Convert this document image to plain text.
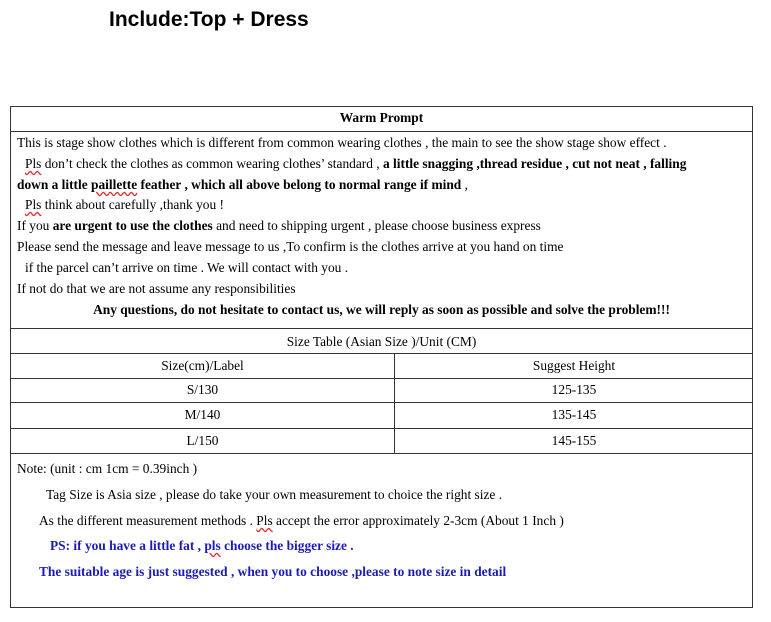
Include:Top + Dress
Warm Prompt
This is stage show clothes which is different from common wearing clothes , the main to see the show stage show effect .
Pls don’t check the clothes as common wearing clothes’ standard , a little snagging ,thread residue , cut not neat , falling
down a little paillette feather , which all above belong to normal range if mind ,
Pls think about carefully ,thank you !
If you are urgent to use the clothes and need to shipping urgent , please choose business express
Please send the message and leave message to us ,To confirm is the clothes arrive at you hand on time
if the parcel can’t arrive on time . We will contact with you .
If not do that we are not assume any responsibilities
Any questions, do not hesitate to contact us, we will reply as soon as possible and solve the problem!!!
Size Table (Asian Size )/Unit (CM)
Size(cm)/Label	Suggest Height
S/130	125-135
M/140	135-145
L/150	145-155
Note: (unit : cm 1cm = 0.39inch )
Tag Size is Asia size , please do take your own measurement to choice the right size .
As the different measurement methods . Pls accept the error approximately 2-3cm (About 1 Inch )
PS: if you have a little fat , pls choose the bigger size .
The suitable age is just suggested , when you to choose ,please to note size in detail
